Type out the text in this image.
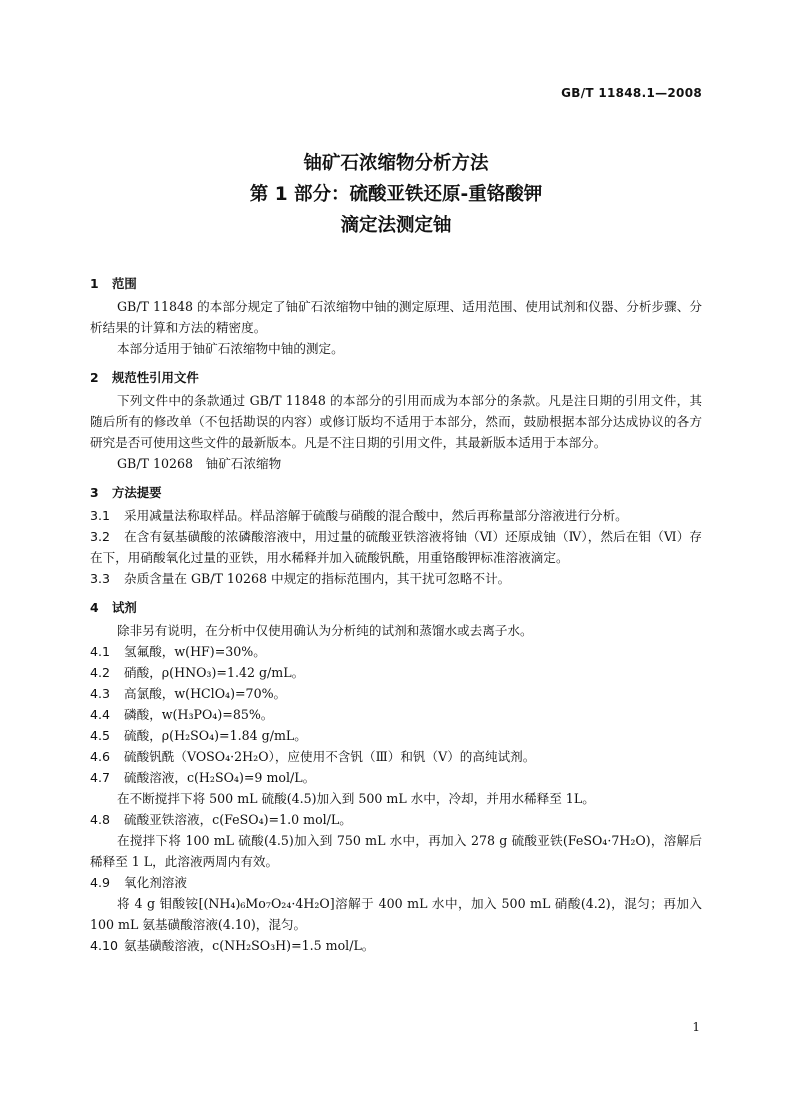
GB/T 11848.1—2008
铀矿石浓缩物分析方法
第 1 部分：硫酸亚铁还原-重铬酸钾
滴定法测定铀
1 范围

GB/T 11848 的本部分规定了铀矿石浓缩物中铀的测定原理、适用范围、使用试剂和仪器、分析步骤、分析结果的计算和方法的精密度。

本部分适用于铀矿石浓缩物中铀的测定。

2 规范性引用文件

下列文件中的条款通过 GB/T 11848 的本部分的引用而成为本部分的条款。凡是注日期的引用文件，其随后所有的修改单（不包括勘误的内容）或修订版均不适用于本部分，然而，鼓励根据本部分达成协议的各方研究是否可使用这些文件的最新版本。凡是不注日期的引用文件，其最新版本适用于本部分。

GB/T 10268　铀矿石浓缩物

3 方法提要

3.1 采用减量法称取样品。样品溶解于硫酸与硝酸的混合酸中，然后再称量部分溶液进行分析。

3.2 在含有氨基磺酸的浓磷酸溶液中，用过量的硫酸亚铁溶液将铀（Ⅵ）还原成铀（Ⅳ），然后在钼（Ⅵ）存在下，用硝酸氧化过量的亚铁，用水稀释并加入硫酸钒酰，用重铬酸钾标准溶液滴定。

3.3 杂质含量在 GB/T 10268 中规定的指标范围内，其干扰可忽略不计。

4 试剂

除非另有说明，在分析中仅使用确认为分析纯的试剂和蒸馏水或去离子水。

4.1 氢氟酸，w(HF)=30%。

4.2 硝酸，ρ(HNO₃)=1.42 g/mL。

4.3 高氯酸，w(HClO₄)=70%。

4.4 磷酸，w(H₃PO₄)=85%。

4.5 硫酸，ρ(H₂SO₄)=1.84 g/mL。

4.6 硫酸钒酰（VOSO₄·2H₂O），应使用不含钒（Ⅲ）和钒（Ⅴ）的高纯试剂。

4.7 硫酸溶液，c(H₂SO₄)=9 mol/L。

在不断搅拌下将 500 mL 硫酸(4.5)加入到 500 mL 水中，冷却，并用水稀释至 1L。

4.8 硫酸亚铁溶液，c(FeSO₄)=1.0 mol/L。

在搅拌下将 100 mL 硫酸(4.5)加入到 750 mL 水中，再加入 278 g 硫酸亚铁(FeSO₄·7H₂O)，溶解后稀释至 1 L，此溶液两周内有效。

4.9 氧化剂溶液

将 4 g 钼酸铵[(NH₄)₆Mo₇O₂₄·4H₂O]溶解于 400 mL 水中，加入 500 mL 硝酸(4.2)，混匀；再加入 100 mL 氨基磺酸溶液(4.10)，混匀。

4.10 氨基磺酸溶液，c(NH₂SO₃H)=1.5 mol/L。

1
